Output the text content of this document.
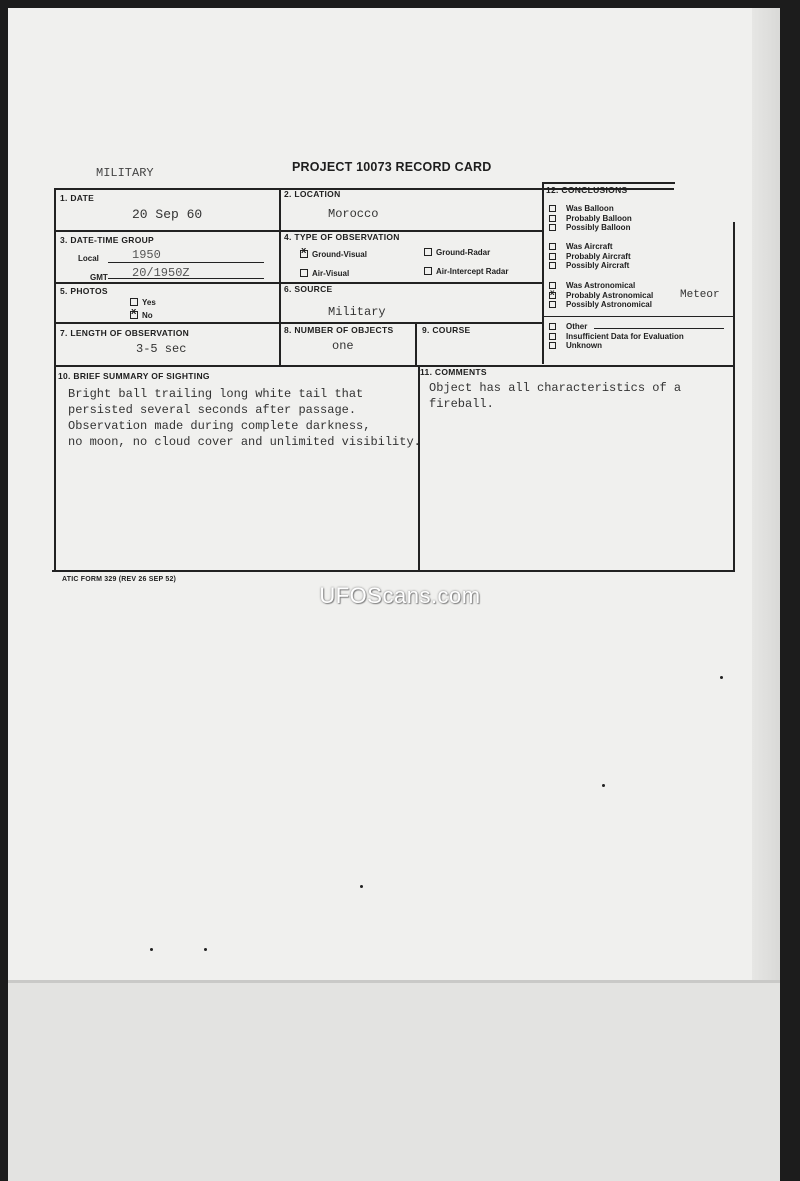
MILITARY	PROJECT 10073 RECORD CARD
1. DATE
20 Sep 60
2. LOCATION
Morocco
3. DATE-TIME GROUP
Local	1950
GMT 20/1950Z
4. TYPE OF OBSERVATION
xGround-Visual	Ground-Radar
Air-Visual	Air-Intercept Radar
5. PHOTOS
Yes
xNo
6. SOURCE
Military
7. LENGTH OF OBSERVATION
3-5 sec
8. NUMBER OF OBJECTS
one
9. COURSE
10. BRIEF SUMMARY OF SIGHTING
Bright ball trailing long white tail that
persisted several seconds after passage.
Observation made during complete darkness,
no moon, no cloud cover and unlimited visibility.
11. COMMENTS
Object has all characteristics of a
fireball.
12. CONCLUSIONS
Was Balloon
Probably Balloon
Possibly Balloon
Was Aircraft
Probably Aircraft
Possibly Aircraft
Was Astronomical
xProbably Astronomical
Possibly Astronomical
Meteor
Other
Insufficient Data for Evaluation
Unknown
ATIC FORM 329 (REV 26 SEP 52)
UFOScans.com
